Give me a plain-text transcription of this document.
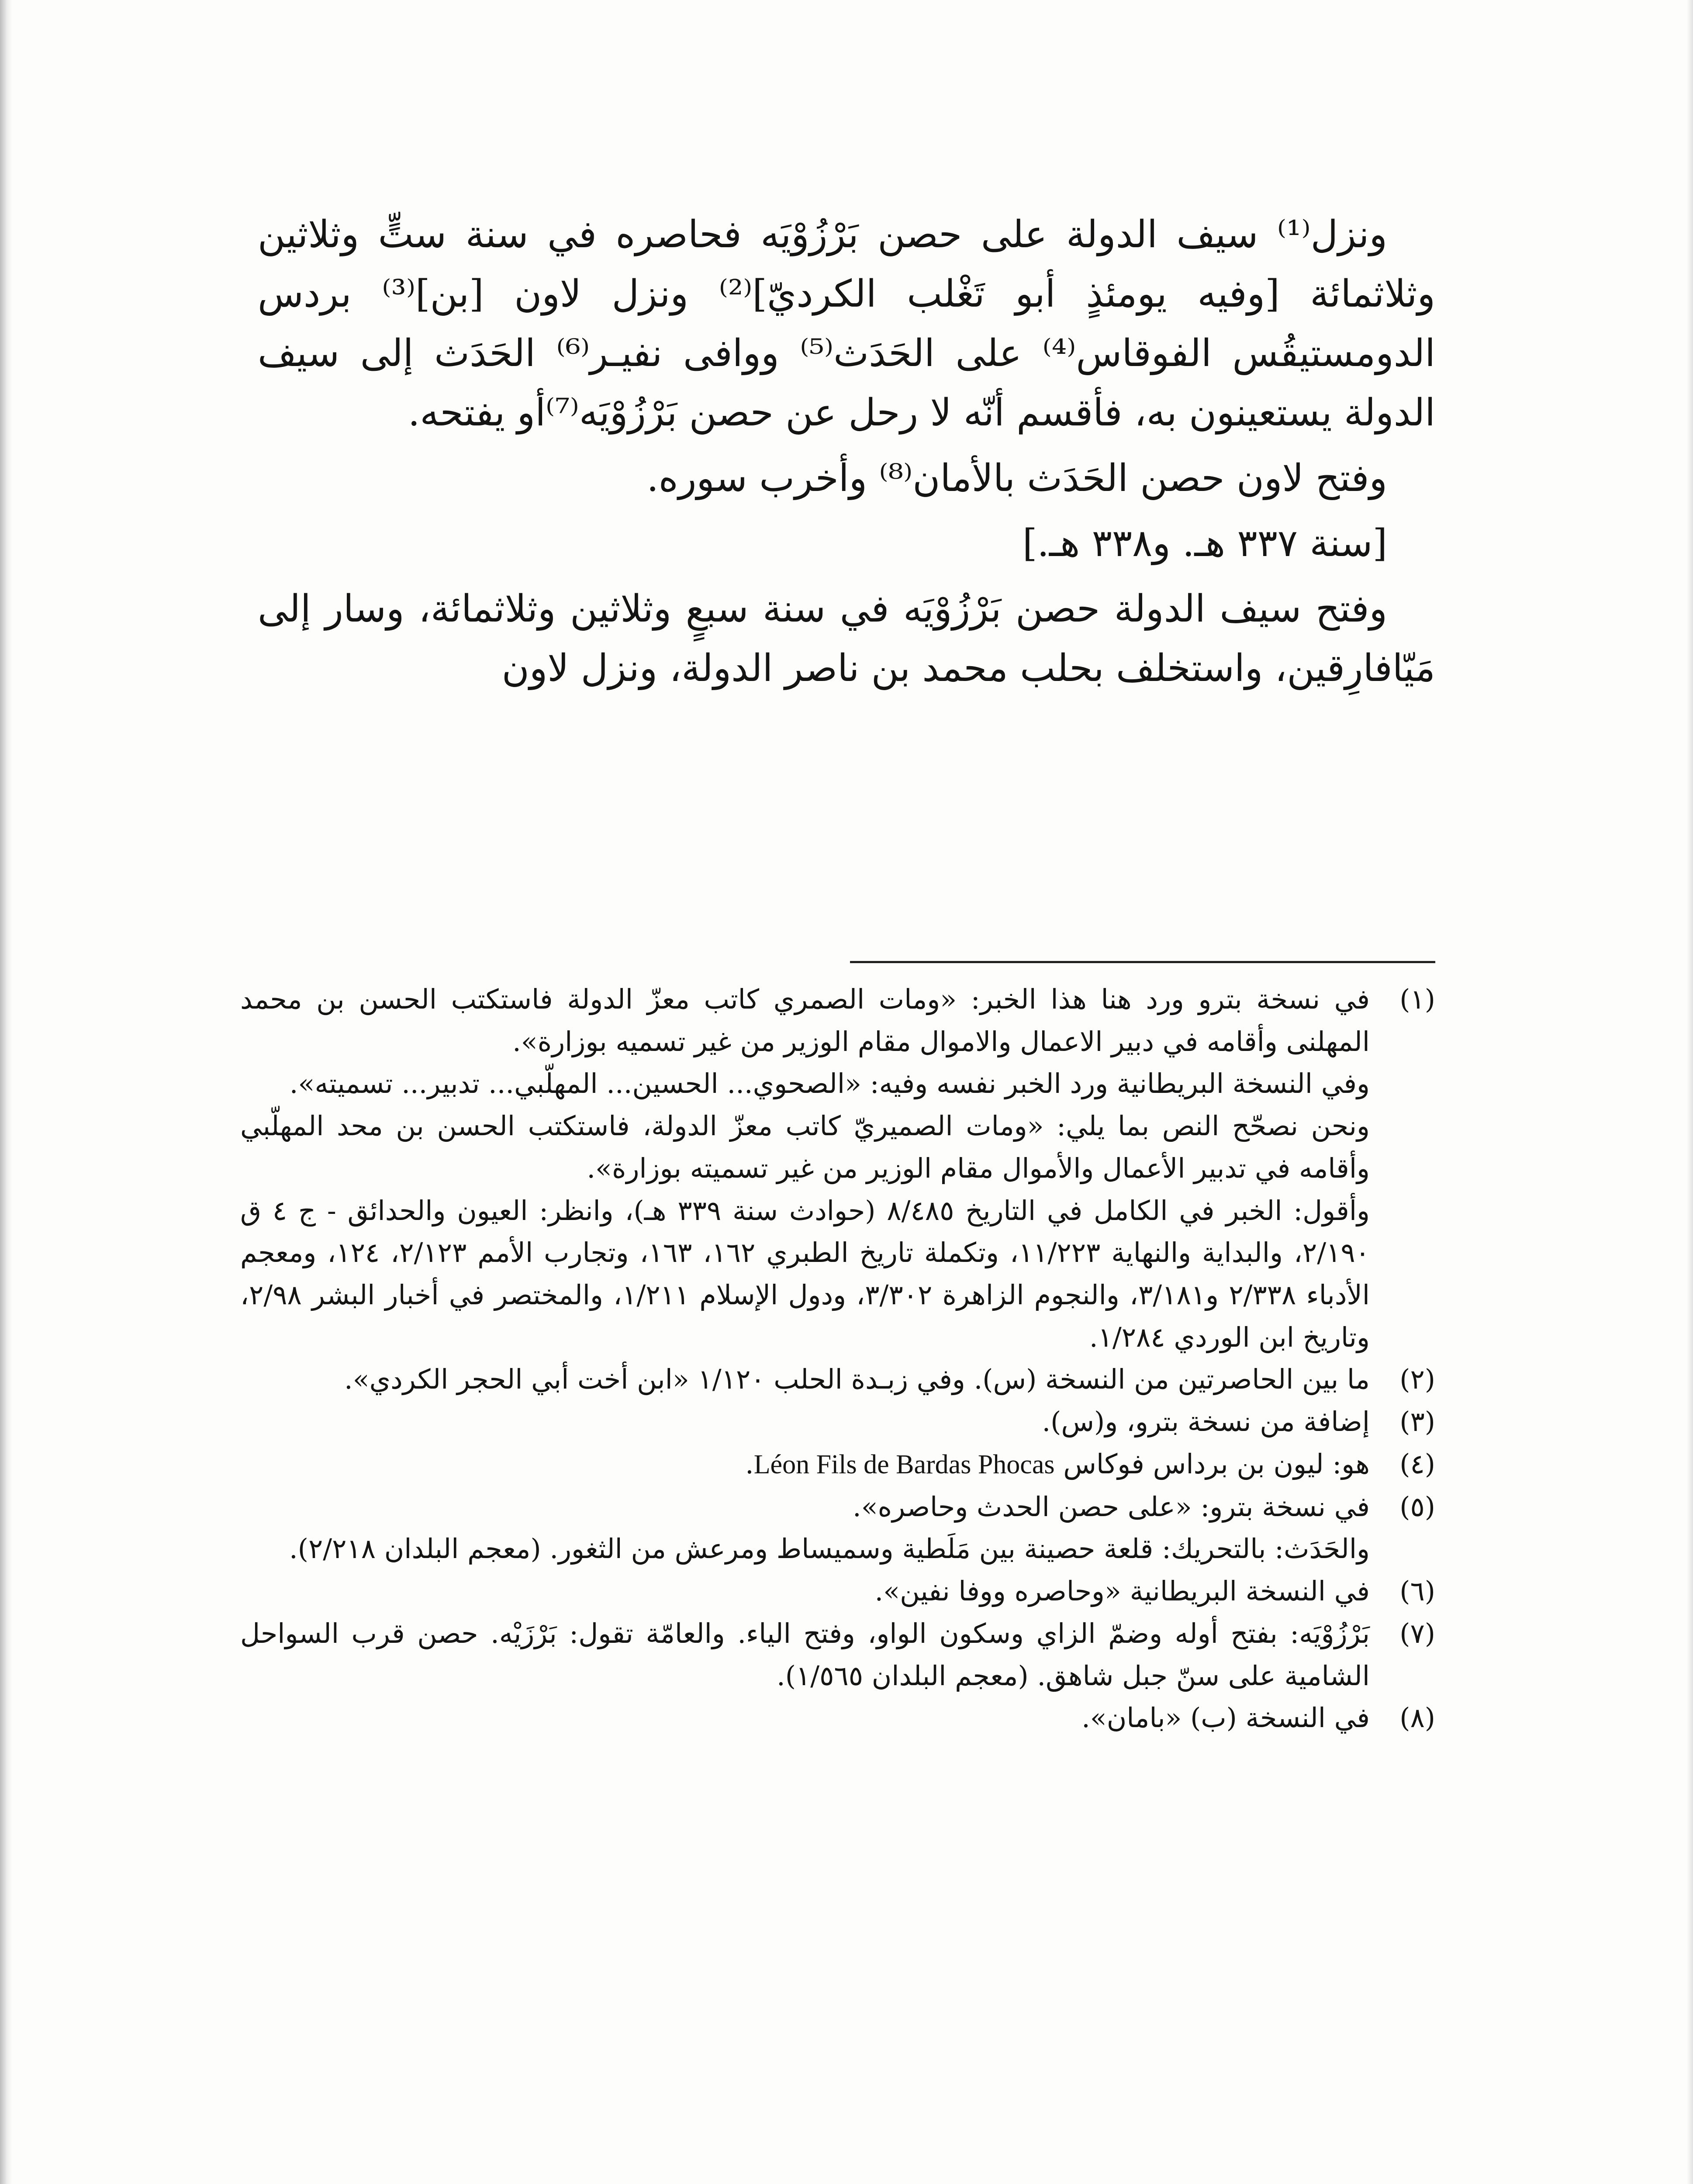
ونزل⁽¹⁾ سيف الدولة على حصن بَرْزُوْيَه فحاصره في سنة ستٍّ وثلاثين وثلاثمائة [وفيه يومئذٍ أبو تَغْلب الكرديّ]⁽²⁾ ونزل لاون [بن]⁽³⁾ بردس الدومستيقُس الفوقاس⁽⁴⁾ على الحَدَث⁽⁵⁾ ووافى نفيـر⁽⁶⁾ الحَدَث إلى سيف الدولة يستعينون به، فأقسم أنّه لا رحل عن حصن بَرْزُوْيَه⁽⁷⁾أو يفتحه.

وفتح لاون حصن الحَدَث بالأمان⁽⁸⁾ وأخرب سوره.

[سنة ٣٣٧ هـ. و٣٣٨ هـ.]

وفتح سيف الدولة حصن بَرْزُوْيَه في سنة سبعٍ وثلاثين وثلاثمائة، وسار إلى مَيّافارِقين، واستخلف بحلب محمد بن ناصر الدولة، ونزل لاون

(١)

في نسخة بترو ورد هنا هذا الخبر: «ومات الصمري كاتب معزّ الدولة فاستكتب الحسن بن محمد المهلنى وأقامه في دبير الاعمال والاموال مقام الوزير من غير تسميه بوزارة».

وفي النسخة البريطانية ورد الخبر نفسه وفيه: «الصحوي... الحسين... المهلّبي... تدبير... تسميته».

ونحن نصحّح النص بما يلي: «ومات الصميريّ كاتب معزّ الدولة، فاستكتب الحسن بن محد المهلّبي وأقامه في تدبير الأعمال والأموال مقام الوزير من غير تسميته بوزارة».

وأقول: الخبر في الكامل في التاريخ ٨/٤٨٥ (حوادث سنة ٣٣٩ هـ)، وانظر: العيون والحدائق - ج ٤ ق ٢/١٩٠، والبداية والنهاية ١١/٢٢٣، وتكملة تاريخ الطبري ١٦٢، ١٦٣، وتجارب الأمم ٢/١٢٣، ١٢٤، ومعجم الأدباء ٢/٣٣٨ و٣/١٨١، والنجوم الزاهرة ٣/٣٠٢، ودول الإسلام ١/٢١١، والمختصر في أخبار البشر ٢/٩٨، وتاريخ ابن الوردي ١/٢٨٤.

(٢)
ما بين الحاصرتين من النسخة (س). وفي زبـدة الحلب ١/١٢٠ «ابن أخت أبي الحجر الكردي».
(٣)
إضافة من نسخة بترو، و(س).
(٤)
هو: ليون بن برداس فوكاس Léon Fils de Bardas Phocas.
(٥)
في نسخة بترو: «على حصن الحدث وحاصره».
والحَدَث: بالتحريك: قلعة حصينة بين مَلَطية وسميساط ومرعش من الثغور. (معجم البلدان ٢/٢١٨).
(٦)
في النسخة البريطانية «وحاصره ووفا نفين».
(٧)
بَرْزُوْيَه: بفتح أوله وضمّ الزاي وسكون الواو، وفتح الياء. والعامّة تقول: بَرْزَيْه. حصن قرب السواحل الشامية على سنّ جبل شاهق. (معجم البلدان ١/٥٦٥).
(٨)
في النسخة (ب) «بامان».
